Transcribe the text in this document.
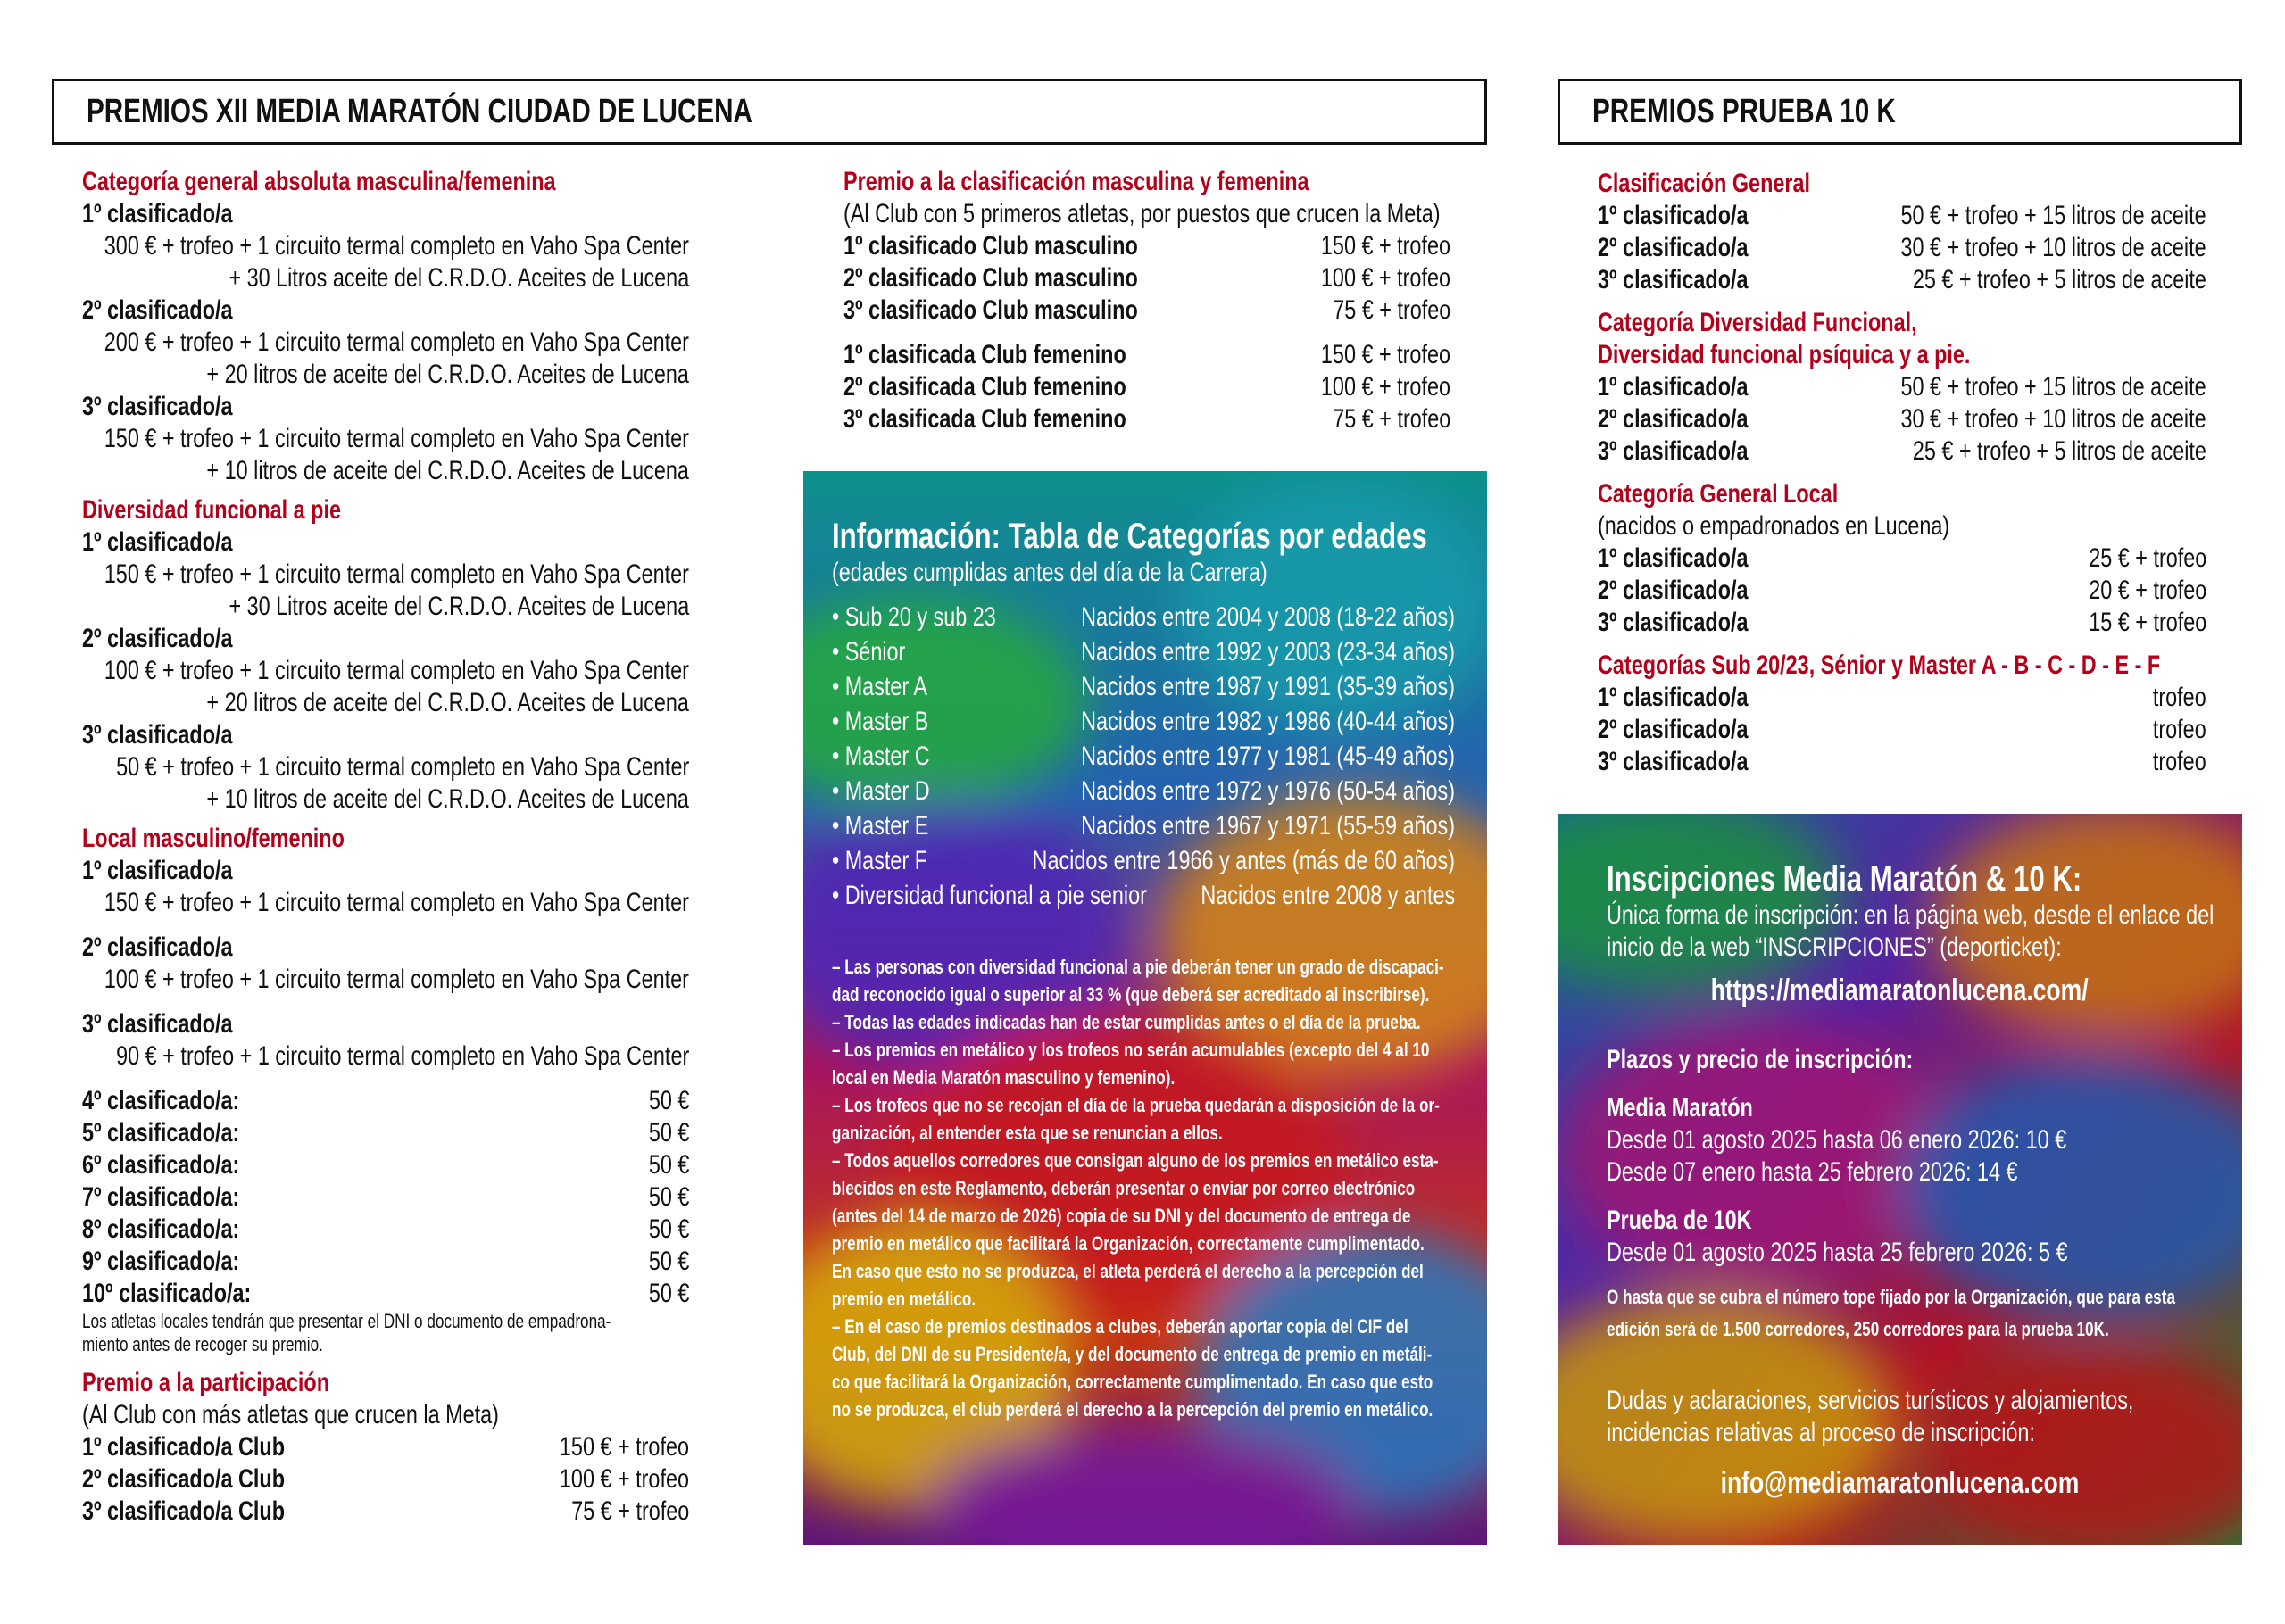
PREMIOS XII MEDIA MARATÓN CIUDAD DE LUCENA	PREMIOS PRUEBA 10 K
Categoría general absoluta masculina/femenina
1º clasificado/a
300 € + trofeo + 1 circuito termal completo en Vaho Spa Center
+ 30 Litros aceite del C.R.D.O. Aceites de Lucena
2º clasificado/a
200 € + trofeo + 1 circuito termal completo en Vaho Spa Center
+ 20 litros de aceite del C.R.D.O. Aceites de Lucena
3º clasificado/a
150 € + trofeo + 1 circuito termal completo en Vaho Spa Center
+ 10 litros de aceite del C.R.D.O. Aceites de Lucena
Diversidad funcional a pie
1º clasificado/a
150 € + trofeo + 1 circuito termal completo en Vaho Spa Center
+ 30 Litros aceite del C.R.D.O. Aceites de Lucena
2º clasificado/a
100 € + trofeo + 1 circuito termal completo en Vaho Spa Center
+ 20 litros de aceite del C.R.D.O. Aceites de Lucena
3º clasificado/a
50 € + trofeo + 1 circuito termal completo en Vaho Spa Center
+ 10 litros de aceite del C.R.D.O. Aceites de Lucena
Local masculino/femenino
1º clasificado/a
150 € + trofeo + 1 circuito termal completo en Vaho Spa Center
2º clasificado/a
100 € + trofeo + 1 circuito termal completo en Vaho Spa Center
3º clasificado/a
90 € + trofeo + 1 circuito termal completo en Vaho Spa Center
4º clasificado/a:	50 €
5º clasificado/a:	50 €
6º clasificado/a:	50 €
7º clasificado/a:	50 €
8º clasificado/a:	50 €
9º clasificado/a:	50 €
10º clasificado/a:	50 €
Los atletas locales tendrán que presentar el DNI o documento de empadrona-
miento antes de recoger su premio.
Premio a la participación
(Al Club con más atletas que crucen la Meta)
1º clasificado/a Club	150 € + trofeo
2º clasificado/a Club	100 € + trofeo
3º clasificado/a Club	75 € + trofeo
Premio a la clasificación masculina y femenina
(Al Club con 5 primeros atletas, por puestos que crucen la Meta)
1º clasificado Club masculino	150 € + trofeo
2º clasificado Club masculino	100 € + trofeo
3º clasificado Club masculino	75 € + trofeo
1º clasificada Club femenino	150 € + trofeo
2º clasificada Club femenino	100 € + trofeo
3º clasificada Club femenino	75 € + trofeo
Información: Tabla de Categorías por edades
(edades cumplidas antes del día de la Carrera)
• Sub 20 y sub 23	Nacidos entre 2004 y 2008 (18-22 años)
• Sénior	Nacidos entre 1992 y 2003 (23-34 años)
• Master A	Nacidos entre 1987 y 1991 (35-39 años)
• Master B	Nacidos entre 1982 y 1986 (40-44 años)
• Master C	Nacidos entre 1977 y 1981 (45-49 años)
• Master D	Nacidos entre 1972 y 1976 (50-54 años)
• Master E	Nacidos entre 1967 y 1971 (55-59 años)
• Master F	Nacidos entre 1966 y antes (más de 60 años)
• Diversidad funcional a pie senior Nacidos entre 2008 y antes
– Las personas con diversidad funcional a pie deberán tener un grado de discapaci-
dad reconocido igual o superior al 33 % (que deberá ser acreditado al inscribirse).
– Todas las edades indicadas han de estar cumplidas antes o el día de la prueba.
– Los premios en metálico y los trofeos no serán acumulables (excepto del 4 al 10
local en Media Maratón masculino y femenino).
– Los trofeos que no se recojan el día de la prueba quedarán a disposición de la or-
ganización, al entender esta que se renuncian a ellos.
– Todos aquellos corredores que consigan alguno de los premios en metálico esta-
blecidos en este Reglamento, deberán presentar o enviar por correo electrónico
(antes del 14 de marzo de 2026) copia de su DNI y del documento de entrega de
premio en metálico que facilitará la Organización, correctamente cumplimentado.
En caso que esto no se produzca, el atleta perderá el derecho a la percepción del
premio en metálico.
– En el caso de premios destinados a clubes, deberán aportar copia del CIF del
Club, del DNI de su Presidente/a, y del documento de entrega de premio en metáli-
co que facilitará la Organización, correctamente cumplimentado. En caso que esto
no se produzca, el club perderá el derecho a la percepción del premio en metálico.
Clasificación General
1º clasificado/a	50 € + trofeo + 15 litros de aceite
2º clasificado/a	30 € + trofeo + 10 litros de aceite
3º clasificado/a	25 € + trofeo + 5 litros de aceite
Categoría Diversidad Funcional,
Diversidad funcional psíquica y a pie.
1º clasificado/a	50 € + trofeo + 15 litros de aceite
2º clasificado/a	30 € + trofeo + 10 litros de aceite
3º clasificado/a	25 € + trofeo + 5 litros de aceite
Categoría General Local
(nacidos o empadronados en Lucena)
1º clasificado/a	25 € + trofeo
2º clasificado/a	20 € + trofeo
3º clasificado/a	15 € + trofeo
Categorías Sub 20/23, Sénior y Master A - B - C - D - E - F
1º clasificado/a	trofeo
2º clasificado/a	trofeo
3º clasificado/a	trofeo
Inscipciones Media Maratón & 10 K:
Única forma de inscripción: en la página web, desde el enlace del
inicio de la web “INSCRIPCIONES” (deporticket):
https://mediamaratonlucena.com/
Plazos y precio de inscripción:
Media Maratón
Desde 01 agosto 2025 hasta 06 enero 2026: 10 €
Desde 07 enero hasta 25 febrero 2026: 14 €
Prueba de 10K
Desde 01 agosto 2025 hasta 25 febrero 2026: 5 €
O hasta que se cubra el número tope fijado por la Organización, que para esta
edición será de 1.500 corredores, 250 corredores para la prueba 10K.
Dudas y aclaraciones, servicios turísticos y alojamientos,
incidencias relativas al proceso de inscripción:
info@mediamaratonlucena.com
